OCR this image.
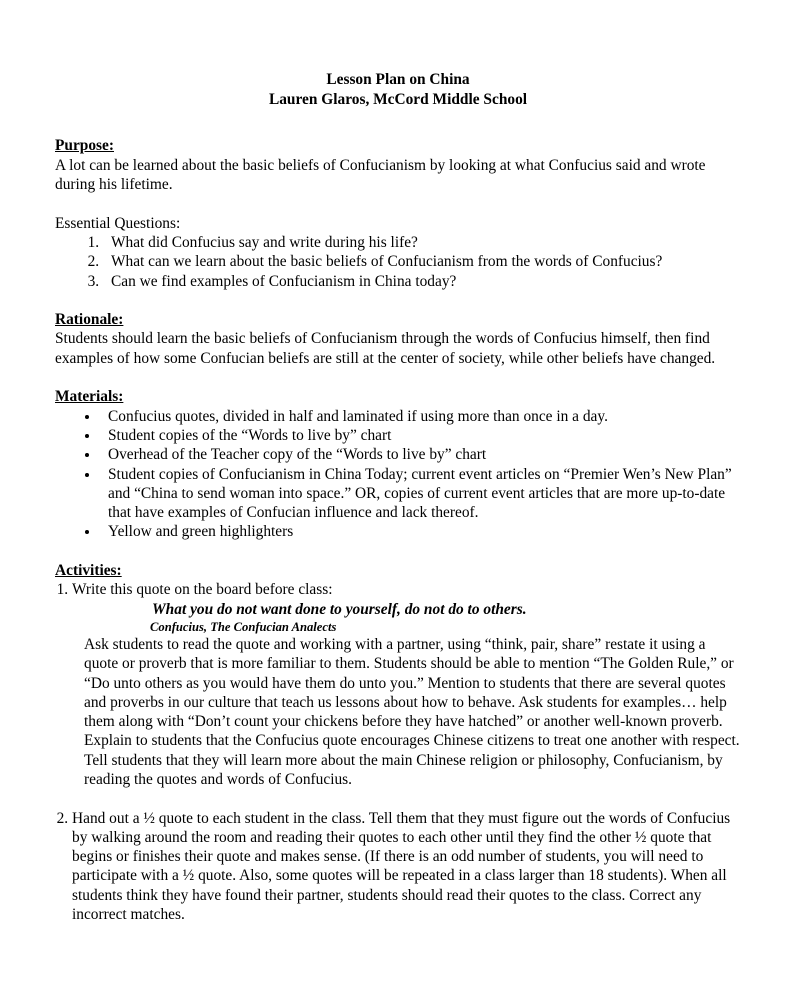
Lesson Plan on China
Lauren Glaros, McCord Middle School
Purpose:

A lot can be learned about the basic beliefs of Confucianism by looking at what Confucius said and wrote during his lifetime.

Essential Questions:

1. What did Confucius say and write during his life?
2. What can we learn about the basic beliefs of Confucianism from the words of Confucius?
3. Can we find examples of Confucianism in China today?
Rationale:

Students should learn the basic beliefs of Confucianism through the words of Confucius himself, then find examples of how some Confucian beliefs are still at the center of society, while other beliefs have changed.

Materials:
• Confucius quotes, divided in half and laminated if using more than once in a day.
• Student copies of the “Words to live by” chart
• Overhead of the Teacher copy of the “Words to live by” chart
• Student copies of Confucianism in China Today; current event articles on “Premier Wen’s New Plan” and “China to send woman into space.” OR, copies of current event articles that are more up-to-date that have examples of Confucian influence and lack thereof.
• Yellow and green highlighters
Activities:
1. Write this quote on the board before class:
What you do not want done to yourself, do not do to others.
Confucius, The Confucian Analects
Ask students to read the quote and working with a partner, using “think, pair, share” restate it using a quote or proverb that is more familiar to them. Students should be able to mention “The Golden Rule,” or “Do unto others as you would have them do unto you.” Mention to students that there are several quotes and proverbs in our culture that teach us lessons about how to behave. Ask students for examples… help them along with “Don’t count your chickens before they have hatched” or another well-known proverb. Explain to students that the Confucius quote encourages Chinese citizens to treat one another with respect. Tell students that they will learn more about the main Chinese religion or philosophy, Confucianism, by reading the quotes and words of Confucius.
2. Hand out a ½ quote to each student in the class. Tell them that they must figure out the words of Confucius by walking around the room and reading their quotes to each other until they find the other ½ quote that begins or finishes their quote and makes sense. (If there is an odd number of students, you will need to participate with a ½ quote. Also, some quotes will be repeated in a class larger than 18 students). When all students think they have found their partner, students should read their quotes to the class. Correct any incorrect matches.
